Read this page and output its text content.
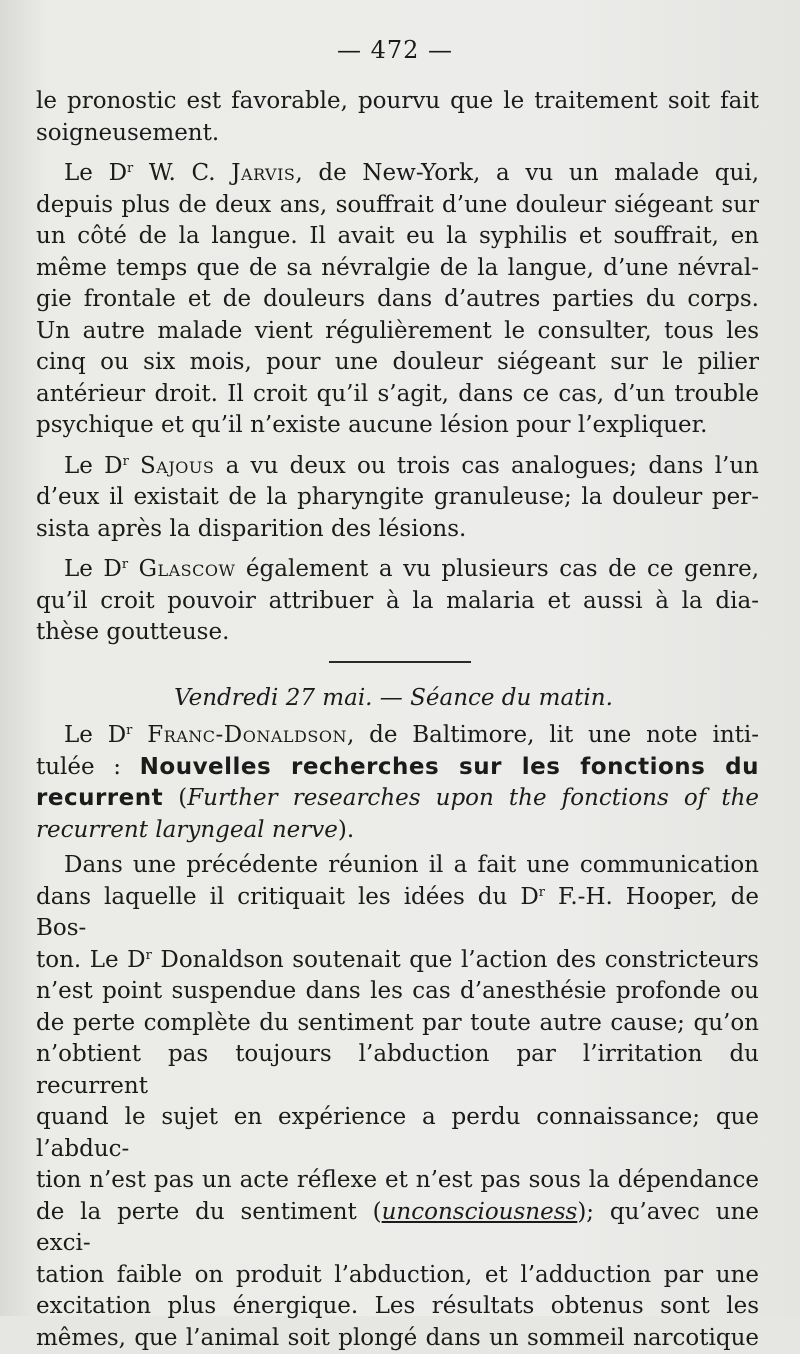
— 472 —

le pronostic est favorable, pourvu que le traitement soit fait
soigneusement.

Le $D^r$ W. C. Jarvis, de New-York, a vu un malade qui,
depuis plus de deux ans, souffrait d’une douleur siégeant sur
un côté de la langue. Il avait eu la syphilis et souffrait, en
même temps que de sa névralgie de la langue, d’une névral-
gie frontale et de douleurs dans d’autres parties du corps.
Un autre malade vient régulièrement le consulter, tous les
cinq ou six mois, pour une douleur siégeant sur le pilier
antérieur droit. Il croit qu’il s’agit, dans ce cas, d’un trouble
psychique et qu’il n’existe aucune lésion pour l’expliquer.

Le $D^r$ Sajous a vu deux ou trois cas analogues; dans l’un
d’eux il existait de la pharyngite granuleuse; la douleur per-
sista après la disparition des lésions.

Le $D^r$ Glascow également a vu plusieurs cas de ce genre,
qu’il croit pouvoir attribuer à la malaria et aussi à la dia-
thèse goutteuse.

Vendredi 27 mai. — Séance du matin.

Le $D^r$ Franc-Donaldson, de Baltimore, lit une note inti-
tulée : Nouvelles recherches sur les fonctions du
recurrent (Further researches upon the fonctions of the
recurrent laryngeal nerve).

Dans une précédente réunion il a fait une communication
dans laquelle il critiquait les idées du $D^r$ F.-H. Hooper, de Bos-
ton. Le $D^r$ Donaldson soutenait que l’action des constricteurs
n’est point suspendue dans les cas d’anesthésie profonde ou
de perte complète du sentiment par toute autre cause; qu’on
n’obtient pas toujours l’abduction par l’irritation du recurrent
quand le sujet en expérience a perdu connaissance; que l’abduc-
tion n’est pas un acte réflexe et n’est pas sous la dépendance
de la perte du sentiment (unconsciousness); qu’avec une exci-
tation faible on produit l’abduction, et l’adduction par une
excitation plus énergique. Les résultats obtenus sont les
mêmes, que l’animal soit plongé dans un sommeil narcotique
